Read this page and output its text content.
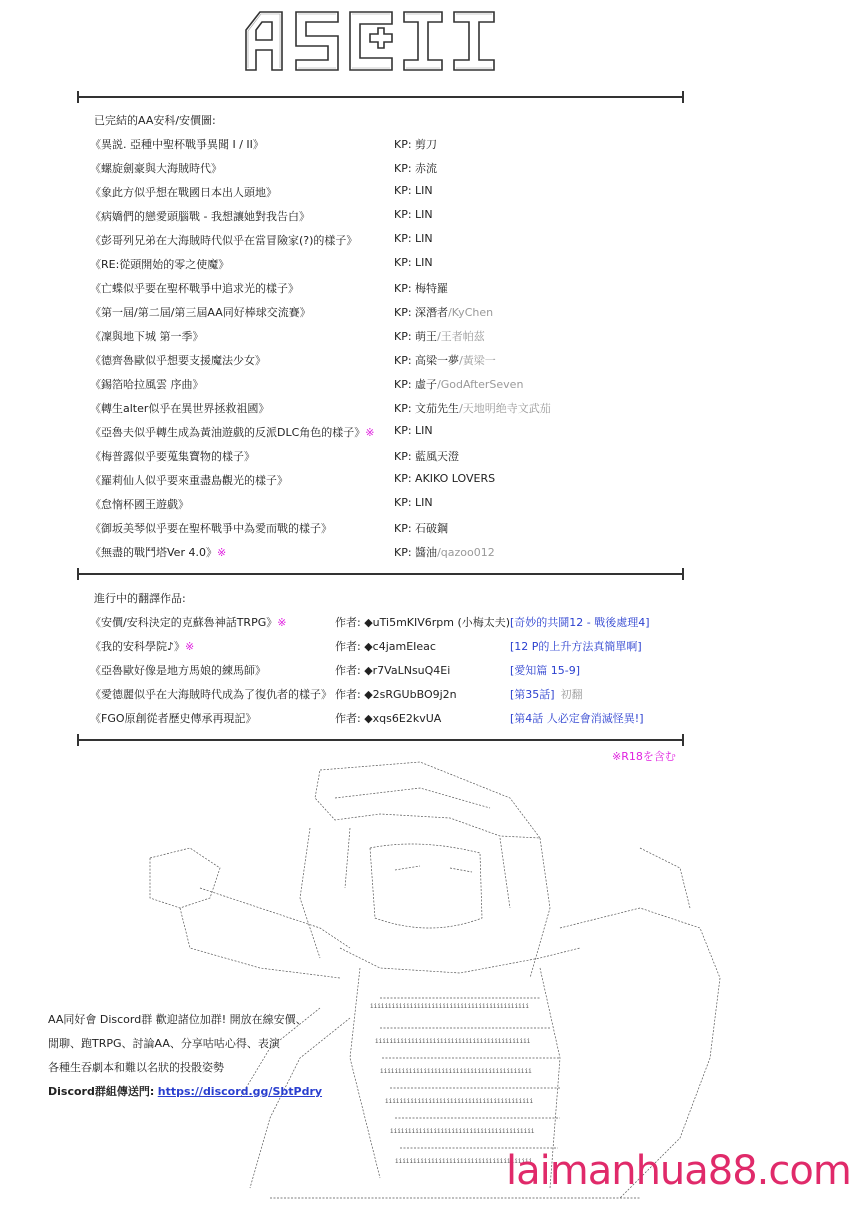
已完結的AA安科/安價圖:
《異説. 亞種中聖杯戰爭異聞 I / II》	KP: 剪刀
《螺旋劍豪與大海賊時代》	KP: 赤流
《象此方似乎想在戰國日本出人頭地》	KP: LIN
《病嬌們的戀愛頭腦戰 - 我想讓她對我告白》	KP: LIN
《彭哥列兄弟在大海賊時代似乎在當冒險家(?)的樣子》	KP: LIN
《RE:從頭開始的零之使魔》	KP: LIN
《亡蝶似乎要在聖杯戰爭中追求光的樣子》	KP: 梅特羅
《第一屆/第二屆/第三屆AA同好棒球交流賽》	KP: 深潛者/KyChen
《凜與地下城 第一季》	KP: 萌王/王者帕茲
《德齊魯歐似乎想要支援魔法少女》	KP: 高梁一夢/黃梁一
《錫箔哈拉風雲 序曲》	KP: 虛子/GodAfterSeven
《轉生alter似乎在異世界拯救祖國》	KP: 文茄先生/天地明绝寺文武茄
《亞魯夫似乎轉生成為黃油遊戲的反派DLC角色的樣子》※ KP: LIN
《梅普露似乎要蒐集寶物的樣子》	KP: 藍風天澄
《羅莉仙人似乎要來重盡島觀光的樣子》	KP: AKIKO LOVERS
《怠惰杯國王遊戲》	KP: LIN
《御坂美琴似乎要在聖杯戰爭中為愛而戰的樣子》	KP: 石破鋼
《無盡的戰鬥塔Ver 4.0》※	KP: 醬油/qazoo012
進行中的翻譯作品:
《安價/安科決定的克蘇魯神話TRPG》※	作者: ◆uTi5mKIV6rpm (小梅太夫) [奇妙的共鬪12 - 戰後處理4]
《我的安科學院♪》※	作者: ◆c4jamEIeac	[12 P的上升方法真簡單啊]
《亞魯歐好像是地方馬娘的練馬師》	作者: ◆r7VaLNsuQ4Ei	[愛知篇 15-9]
《愛德麗似乎在大海賊時代成為了復仇者的樣子》 作者: ◆2sRGUbBO9j2n	[第35話] 初翻
《FGO原創從者歷史傳承再現記》	作者: ◆xqs6E2kvUA	[第4話 人必定會消滅怪異!]
※R18を含む
iiiiiiiiiiiiiiiiiiiiiiiiiiiiiiiiiiiiiiiiiiii
iiiiiiiiiiiiiiiiiiiiiiiiiiiiiiiiiiiiiiiiiii
iiiiiiiiiiiiiiiiiiiiiiiiiiiiiiiiiiiiiiiiii
iiiiiiiiiiiiiiiiiiiiiiiiiiiiiiiiiiiiiiiii
iiiiiiiiiiiiiiiiiiiiiiiiiiiiiiiiiiiiiiii
iiiiiiiiiiiiiiiiiiiiiiiiiiiiiiiiiiiiii
AA同好會 Discord群 歡迎諸位加群! 開放在線安價、
閒聊、跑TRPG、討論AA、分享咕咕心得、表演
各種生吞劇本和難以名狀的投骰姿勢
Discord群組傳送門: https://discord.gg/SbtPdry
laimanhua88.com
